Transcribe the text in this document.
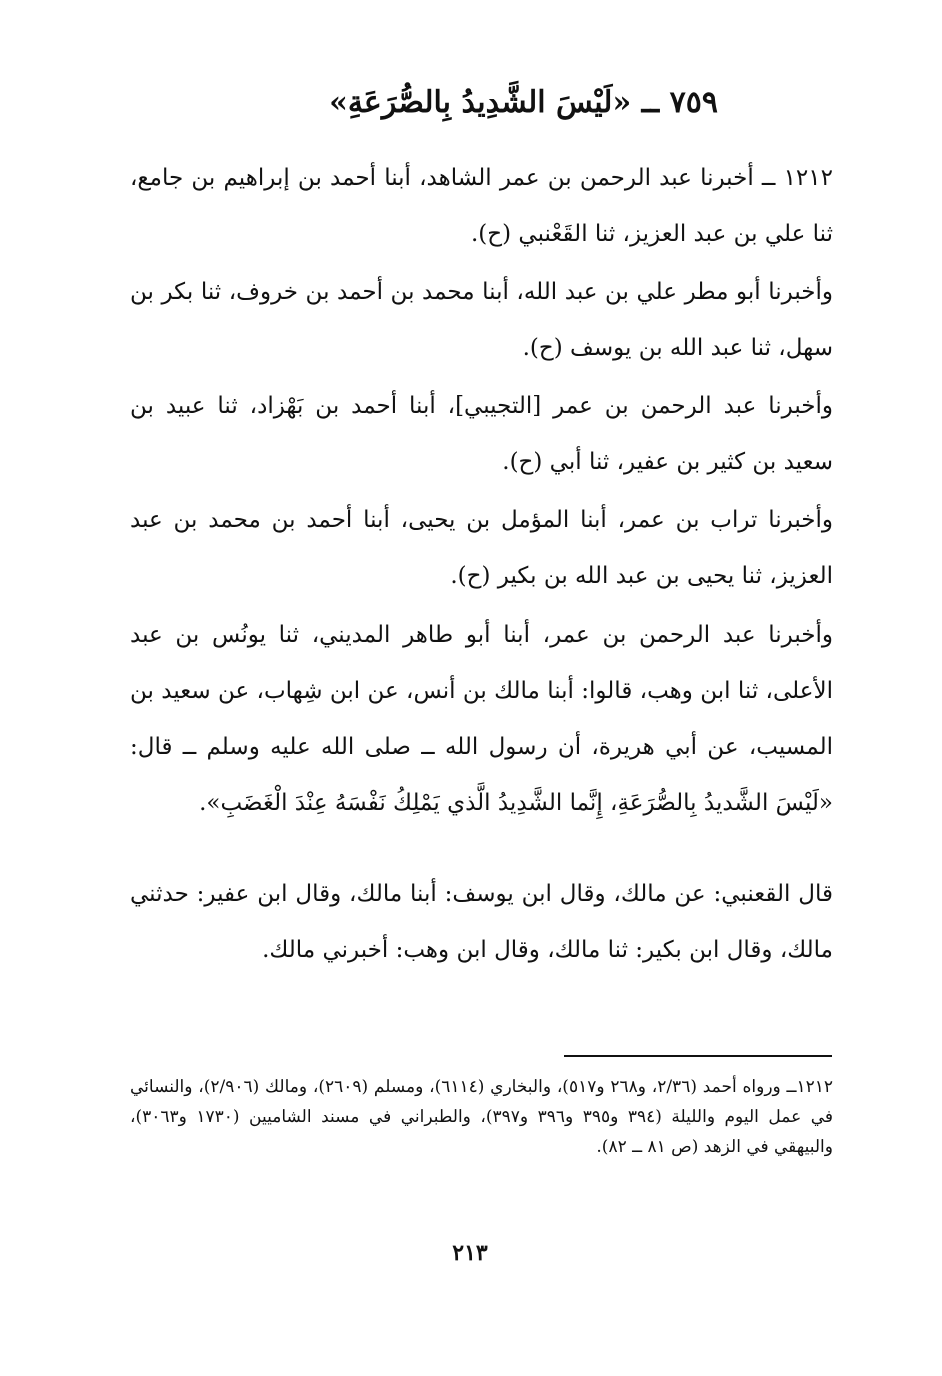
٧٥٩ ــ «لَيْسَ الشَّدِيدُ بِالصُّرَعَةِ»

١٢١٢ ــ أخبرنا عبد الرحمن بن عمر الشاهد، أبنا أحمد بن إبراهيم بن جامع، ثنا علي بن عبد العزيز، ثنا القَعْنبي (ح).

وأخبرنا أبو مطر علي بن عبد الله، أبنا محمد بن أحمد بن خروف، ثنا بكر بن سهل، ثنا عبد الله بن يوسف (ح).

وأخبرنا عبد الرحمن بن عمر [التجيبي]، أبنا أحمد بن بَهْزاد، ثنا عبيد بن سعيد بن كثير بن عفير، ثنا أبي (ح).

وأخبرنا تراب بن عمر، أبنا المؤمل بن يحيى، أبنا أحمد بن محمد بن عبد العزيز، ثنا يحيى بن عبد الله بن بكير (ح).

وأخبرنا عبد الرحمن بن عمر، أبنا أبو طاهر المديني، ثنا يونُس بن عبد الأعلى، ثنا ابن وهب، قالوا: أبنا مالك بن أنس، عن ابن شِهاب، عن سعيد بن المسيب، عن أبي هريرة، أن رسول الله ــ صلى الله عليه وسلم ــ قال: «لَيْسَ الشَّديدُ بِالصُّرَعَةِ، إِنَّما الشَّدِيدُ الَّذي يَمْلِكُ نَفْسَهُ عِنْدَ الْغَضَبِ».

قال القعنبي: عن مالك، وقال ابن يوسف: أبنا مالك، وقال ابن عفير: حدثني مالك، وقال ابن بكير: ثنا مالك، وقال ابن وهب: أخبرني مالك.

١٢١٢ــ ورواه أحمد (٢/٣٦، و٢٦٨ و٥١٧)، والبخاري (٦١١٤)، ومسلم (٢٦٠٩)، ومالك (٢/٩٠٦)، والنسائي في عمل اليوم والليلة (٣٩٤ و٣٩٥ و٣٩٦ و٣٩٧)، والطبراني في مسند الشاميين (١٧٣٠ و٣٠٦٣)، والبيهقي في الزهد (ص ٨١ ــ ٨٢).

٢١٣
